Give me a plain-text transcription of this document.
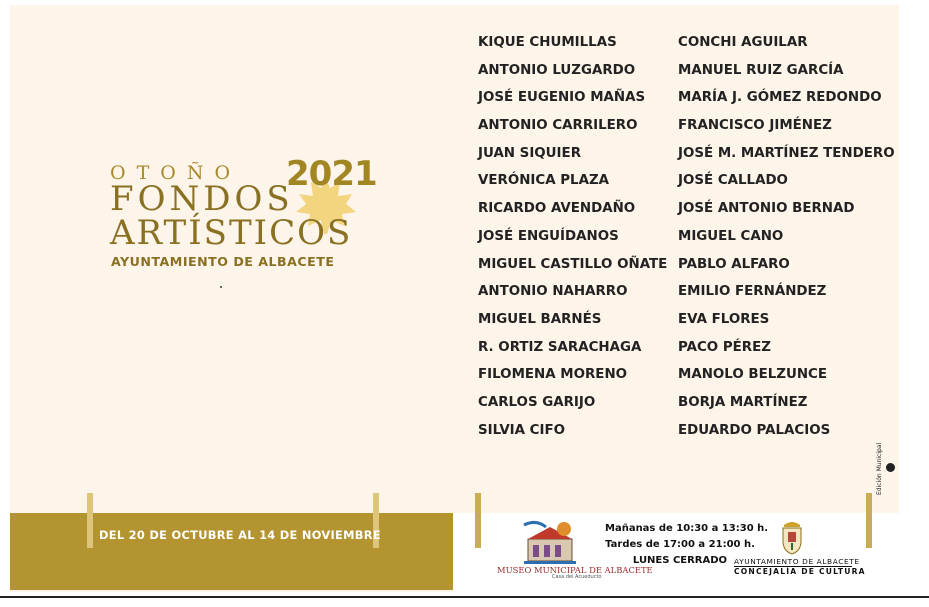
OTOÑO 2021
FONDOS
ARTÍSTICOS
AYUNTAMIENTO DE ALBACETE
KIQUE CHUMILLAS
ANTONIO LUZGARDO
JOSÉ EUGENIO MAÑAS
ANTONIO CARRILERO
JUAN SIQUIER
VERÓNICA PLAZA
RICARDO AVENDAÑO
JOSÉ ENGUÍDANOS
MIGUEL CASTILLO OÑATE
ANTONIO NAHARRO
MIGUEL BARNÉS
R. ORTIZ SARACHAGA
FILOMENA MORENO
CARLOS GARIJO
SILVIA CIFO
CONCHI AGUILAR
MANUEL RUIZ GARCÍA
MARÍA J. GÓMEZ REDONDO
FRANCISCO JIMÉNEZ
JOSÉ M. MARTÍNEZ TENDERO
JOSÉ CALLADO
JOSÉ ANTONIO BERNAD
MIGUEL CANO
PABLO ALFARO
EMILIO FERNÁNDEZ
EVA FLORES
PACO PÉREZ
MANOLO BELZUNCE
BORJA MARTÍNEZ
EDUARDO PALACIOS
DEL 20 DE OCTUBRE AL 14 DE NOVIEMBRE
MUSEO MUNICIPAL DE ALBACETE
Casa del Acueducto
Mañanas de 10:30 a 13:30 h.
Tardes de 17:00 a 21:00 h.
LUNES CERRADO AYUNTAMIENTO DE ALBACETE
CONCEJALÍA DE CULTURA
Edición Municipal
